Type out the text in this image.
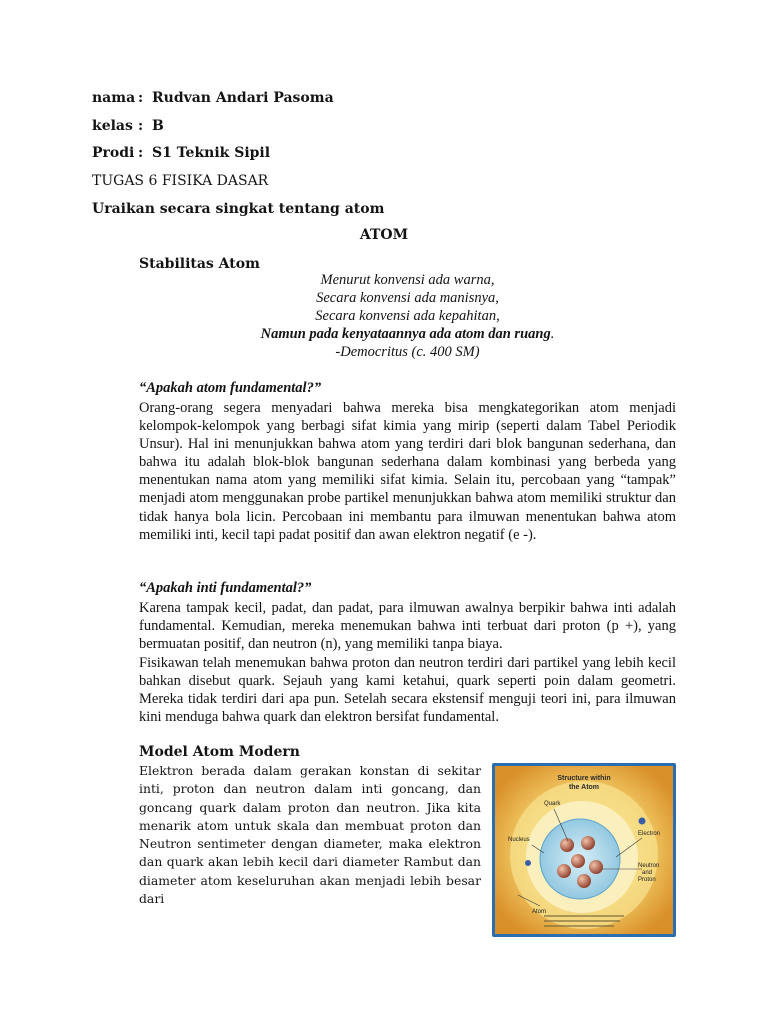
nama : Rudvan Andari Pasoma
kelas : B
Prodi : S1 Teknik Sipil
TUGAS 6 FISIKA DASAR
Uraikan secara singkat tentang atom
ATOM
Stabilitas Atom
Menurut konvensi ada warna,
Secara konvensi ada manisnya,
Secara konvensi ada kepahitan,
Namun pada kenyataannya ada atom dan ruang.
-Democritus (c. 400 SM)
“Apakah atom fundamental?”

Orang-orang segera menyadari bahwa mereka bisa mengkategorikan atom menjadi kelompok-kelompok yang berbagi sifat kimia yang mirip (seperti dalam Tabel Periodik Unsur). Hal ini menunjukkan bahwa atom yang terdiri dari blok bangunan sederhana, dan bahwa itu adalah blok-blok bangunan sederhana dalam kombinasi yang berbeda yang menentukan nama atom yang memiliki sifat kimia. Selain itu, percobaan yang “tampak” menjadi atom menggunakan probe partikel menunjukkan bahwa atom memiliki struktur dan tidak hanya bola licin. Percobaan ini membantu para ilmuwan menentukan bahwa atom memiliki inti, kecil tapi padat positif dan awan elektron negatif (e -).

“Apakah inti fundamental?”

Karena tampak kecil, padat, dan padat, para ilmuwan awalnya berpikir bahwa inti adalah fundamental. Kemudian, mereka menemukan bahwa inti terbuat dari proton (p +), yang bermuatan positif, dan neutron (n), yang memiliki tanpa biaya.

Fisikawan telah menemukan bahwa proton dan neutron terdiri dari partikel yang lebih kecil bahkan disebut quark. Sejauh yang kami ketahui, quark seperti poin dalam geometri. Mereka tidak terdiri dari apa pun. Setelah secara ekstensif menguji teori ini, para ilmuwan kini menduga bahwa quark dan elektron bersifat fundamental.

Model Atom Modern

Elektron berada dalam gerakan konstan di sekitar inti, proton dan neutron dalam inti goncang, dan goncang quark dalam proton dan neutron. Jika kita menarik atom untuk skala dan membuat proton dan Neutron sentimeter dengan diameter, maka elektron dan quark akan lebih kecil dari diameter Rambut dan diameter atom keseluruhan akan menjadi lebih besar dari

Structure within
the Atom
Quark
Nucleus
Electron
Neutron
and
Proton
Atom
